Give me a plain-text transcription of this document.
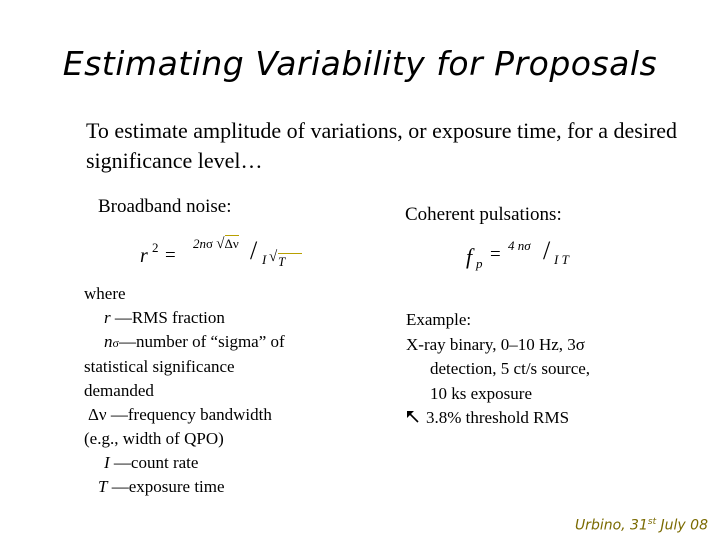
Estimating Variability for Proposals
To estimate amplitude of variations, or exposure time, for a desired significance level…
Broadband noise:
r 2 =
2nσ √Δν / I √ T
where
r —RMS fraction
nσ—number of “sigma” of
statistical significance
demanded
Δν —frequency bandwidth
(e.g., width of QPO)
I —count rate
T —exposure time
Coherent pulsations:
f p = 4 nσ / I T
Example:
X-ray binary, 0–10 Hz, 3σ
detection, 5 ct/s source,
10 ks exposure
3.8% threshold RMS
Urbino, 31st July 08
